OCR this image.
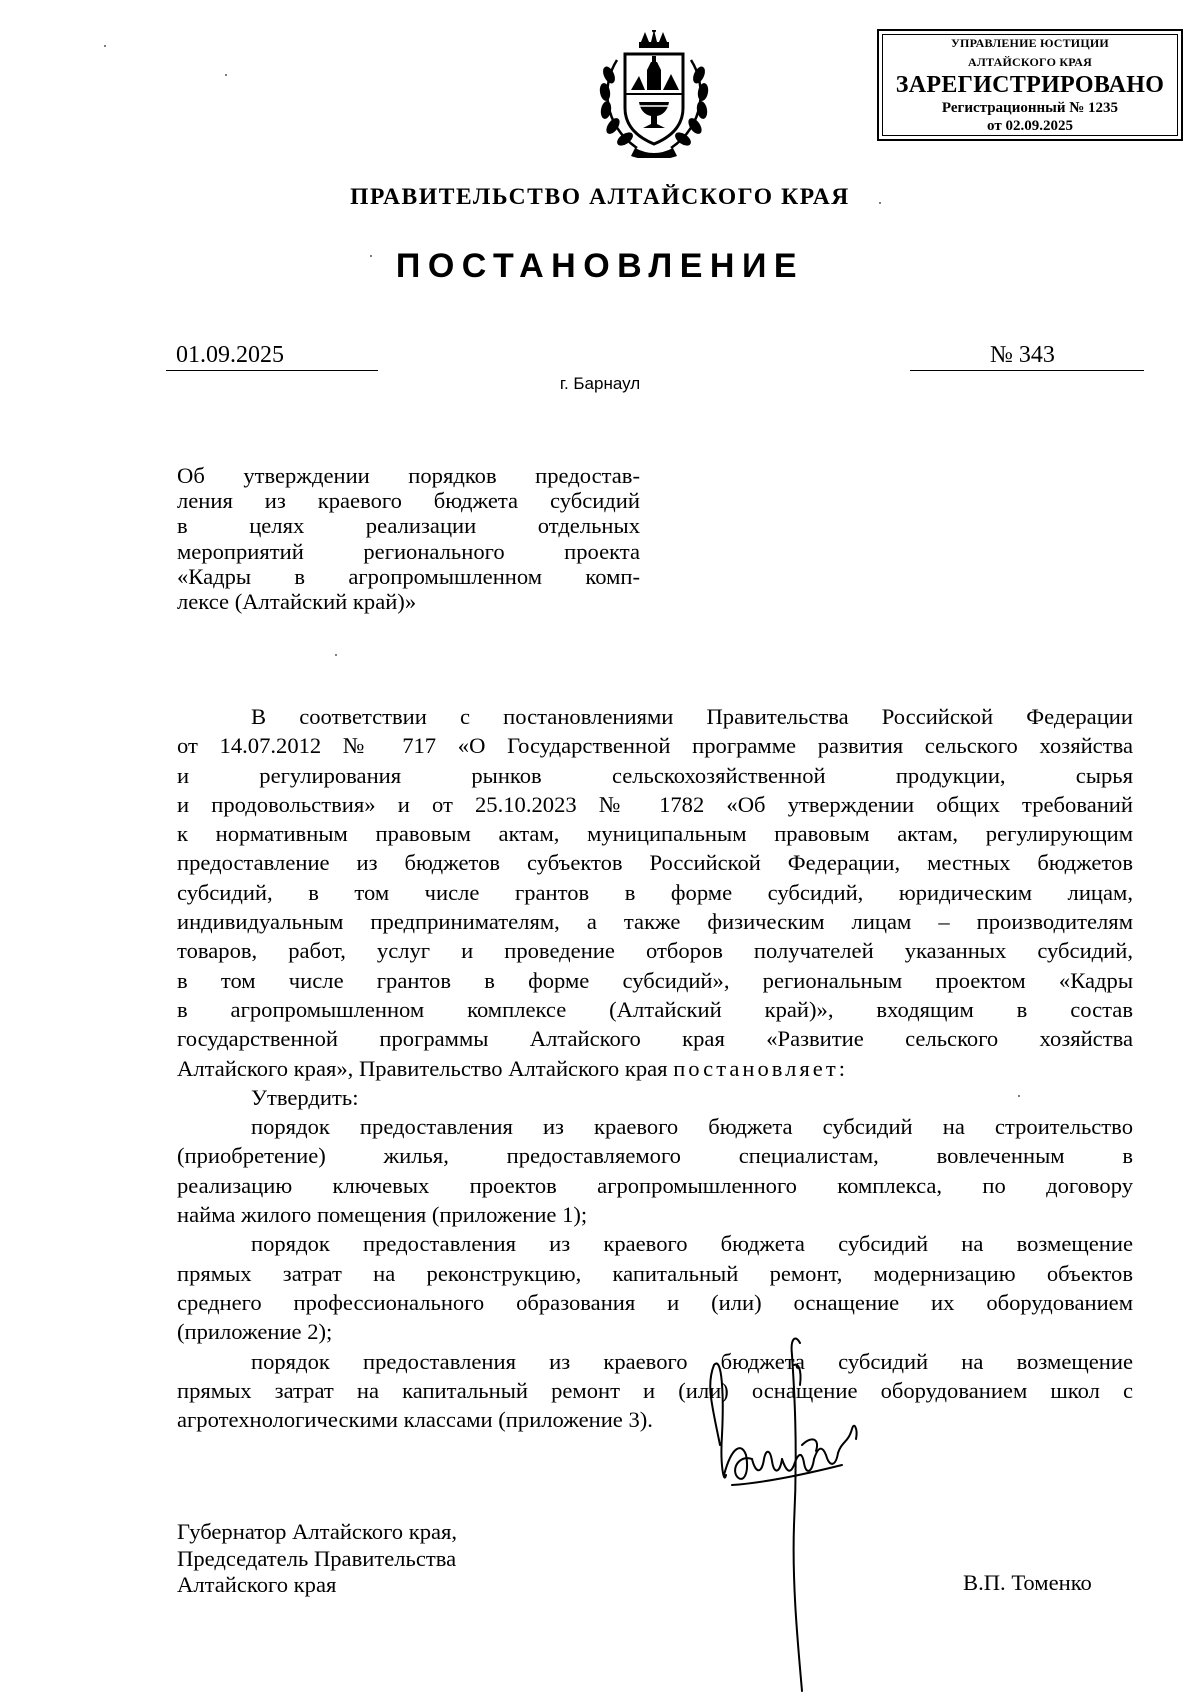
УПРАВЛЕНИЕ ЮСТИЦИИ
АЛТАЙСКОГО КРАЯ
ЗАРЕГИСТРИРОВАНО
Регистрационный № 1235
от 02.09.2025
ПРАВИТЕЛЬСТВО АЛТАЙСКОГО КРАЯ
ПОСТАНОВЛЕНИЕ
01.09.2025	№ 343
г. Барнаул
Об утверждении порядков предостав-
ления из краевого бюджета субсидий
в целях реализации отдельных
мероприятий регионального проекта
«Кадры в агропромышленном комп-
лексе (Алтайский край)»
В соответствии с постановлениями Правительства Российской Федерации
от 14.07.2012 № 717 «О Государственной программе развития сельского хозяйства
и регулирования рынков сельскохозяйственной продукции, сырья
и продовольствия» и от 25.10.2023 № 1782 «Об утверждении общих требований
к нормативным правовым актам, муниципальным правовым актам, регулирующим
предоставление из бюджетов субъектов Российской Федерации, местных бюджетов
субсидий, в том числе грантов в форме субсидий, юридическим лицам,
индивидуальным предпринимателям, а также физическим лицам – производителям
товаров, работ, услуг и проведение отборов получателей указанных субсидий,
в том числе грантов в форме субсидий», региональным проектом «Кадры
в агропромышленном комплексе (Алтайский край)», входящим в состав
государственной программы Алтайского края «Развитие сельского хозяйства
Алтайского края», Правительство Алтайского края постановляет:
Утвердить:
порядок предоставления из краевого бюджета субсидий на строительство
(приобретение) жилья, предоставляемого специалистам, вовлеченным в
реализацию ключевых проектов агропромышленного комплекса, по договору
найма жилого помещения (приложение 1);
порядок предоставления из краевого бюджета субсидий на возмещение
прямых затрат на реконструкцию, капитальный ремонт, модернизацию объектов
среднего профессионального образования и (или) оснащение их оборудованием
(приложение 2);
порядок предоставления из краевого бюджета субсидий на возмещение
прямых затрат на капитальный ремонт и (или) оснащение оборудованием школ с
агротехнологическими классами (приложение 3).
Губернатор Алтайского края,
Председатель Правительства
Алтайского края	В.П. Томенко
